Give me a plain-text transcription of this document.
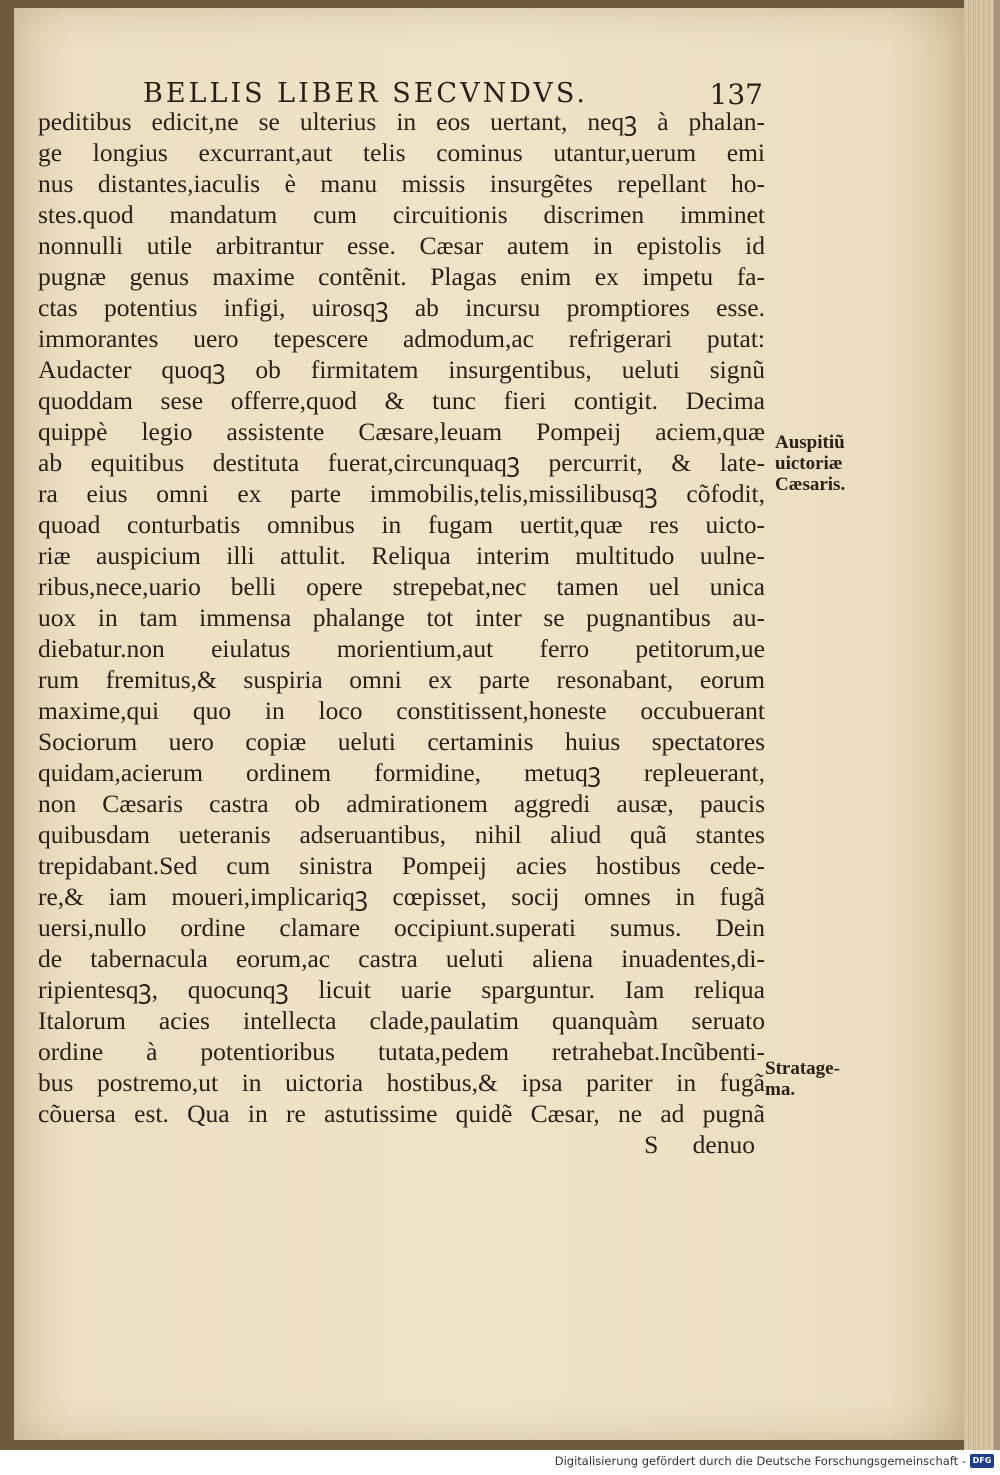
BELLIS LIBER SECVNDVS.	137
peditibus edicit,ne se ulterius in eos uertant, neqꝫ à phalan-
ge longius excurrant,aut telis cominus utantur,uerum emi
nus distantes,iaculis è manu missis insurgẽtes repellant ho-
stes.quod mandatum cum circuitionis discrimen imminet
nonnulli utile arbitrantur esse. Cæsar autem in epistolis id
pugnæ genus maxime contẽnit. Plagas enim ex impetu fa-
ctas potentius infigi, uirosqꝫ ab incursu promptiores esse.
immorantes uero tepescere admodum,ac refrigerari putat:
Audacter quoqꝫ ob firmitatem insurgentibus, ueluti signũ
quoddam sese offerre,quod & tunc fieri contigit. Decima
quippè legio assistente Cæsare,leuam Pompeij aciem,quæ
ab equitibus destituta fuerat,circunquaqꝫ percurrit, & late-
ra eius omni ex parte immobilis,telis,missilibusqꝫ cõfodit,
quoad conturbatis omnibus in fugam uertit,quæ res uicto-
riæ auspicium illi attulit. Reliqua interim multitudo uulne-
ribus,nece,uario belli opere strepebat,nec tamen uel unica
uox in tam immensa phalange tot inter se pugnantibus au-
diebatur.non eiulatus morientium,aut ferro petitorum,ue
rum fremitus,& suspiria omni ex parte resonabant, eorum
maxime,qui quo in loco constitissent,honeste occubuerant
Sociorum uero copiæ ueluti certaminis huius spectatores
quidam,acierum ordinem formidine, metuqꝫ repleuerant,
non Cæsaris castra ob admirationem aggredi ausæ, paucis
quibusdam ueteranis adseruantibus, nihil aliud quã stantes
trepidabant.Sed cum sinistra Pompeij acies hostibus cede-
re,& iam moueri,implicariqꝫ cœpisset, socij omnes in fugã
uersi,nullo ordine clamare occipiunt.superati sumus. Dein
de tabernacula eorum,ac castra ueluti aliena inuadentes,di-
ripientesqꝫ, quocunqꝫ licuit uarie sparguntur. Iam reliqua
Italorum acies intellecta clade,paulatim quanquàm seruato
ordine à potentioribus tutata,pedem retrahebat.Incũbenti-
bus postremo,ut in uictoria hostibus,& ipsa pariter in fugã
cõuersa est. Qua in re astutissime quidẽ Cæsar, ne ad pugnã
S denuo
Auspitiũ
uictoriæ
Cæsaris.
Stratage-
ma.
Digitalisierung gefördert durch die Deutsche Forschungsgemeinschaft - DFG
